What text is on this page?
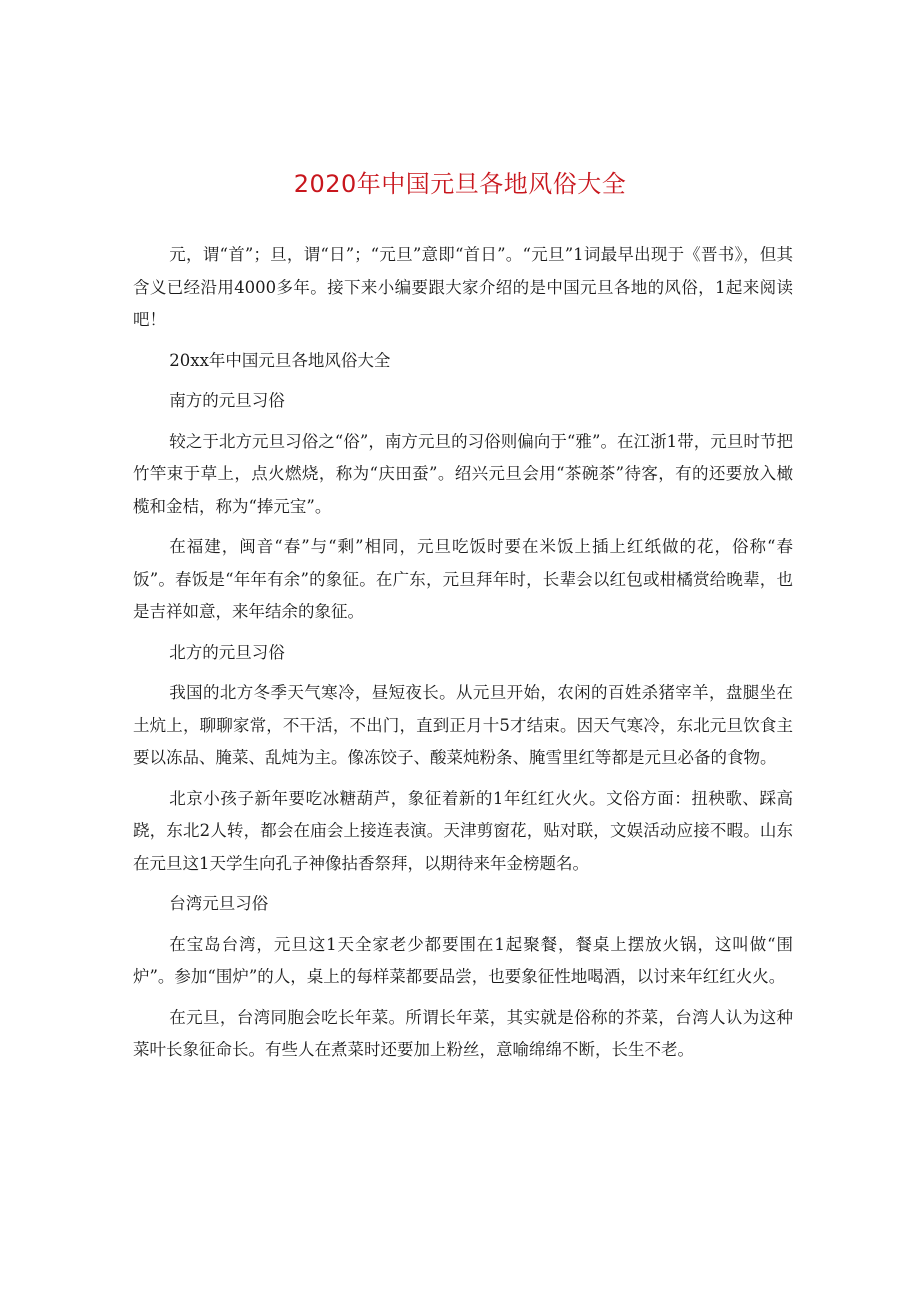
2020年中国元旦各地风俗大全

元，谓“首”；旦，谓“日”；“元旦”意即“首日”。“元旦”1词最早出现于《晋书》，但其含义已经沿用4000多年。接下来小编要跟大家介绍的是中国元旦各地的风俗，1起来阅读吧！

20xx年中国元旦各地风俗大全

南方的元旦习俗

较之于北方元旦习俗之“俗”，南方元旦的习俗则偏向于“雅”。在江浙1带，元旦时节把竹竿束于草上，点火燃烧，称为“庆田蚕”。绍兴元旦会用“茶碗茶”待客，有的还要放入橄榄和金桔，称为“捧元宝”。

在福建，闽音“春”与“剩”相同，元旦吃饭时要在米饭上插上红纸做的花，俗称“春饭”。春饭是“年年有余”的象征。在广东，元旦拜年时，长辈会以红包或柑橘赏给晚辈，也是吉祥如意，来年结余的象征。

北方的元旦习俗

我国的北方冬季天气寒冷，昼短夜长。从元旦开始，农闲的百姓杀猪宰羊，盘腿坐在土炕上，聊聊家常，不干活，不出门，直到正月十5才结束。因天气寒冷，东北元旦饮食主要以冻品、腌菜、乱炖为主。像冻饺子、酸菜炖粉条、腌雪里红等都是元旦必备的食物。

北京小孩子新年要吃冰糖葫芦，象征着新的1年红红火火。文俗方面：扭秧歌、踩高跷，东北2人转，都会在庙会上接连表演。天津剪窗花，贴对联，文娱活动应接不暇。山东在元旦这1天学生向孔子神像拈香祭拜，以期待来年金榜题名。

台湾元旦习俗

在宝岛台湾，元旦这1天全家老少都要围在1起聚餐，餐桌上摆放火锅，这叫做“围炉”。参加“围炉”的人，桌上的每样菜都要品尝，也要象征性地喝酒，以讨来年红红火火。

在元旦，台湾同胞会吃长年菜。所谓长年菜，其实就是俗称的芥菜，台湾人认为这种菜叶长象征命长。有些人在煮菜时还要加上粉丝，意喻绵绵不断，长生不老。
